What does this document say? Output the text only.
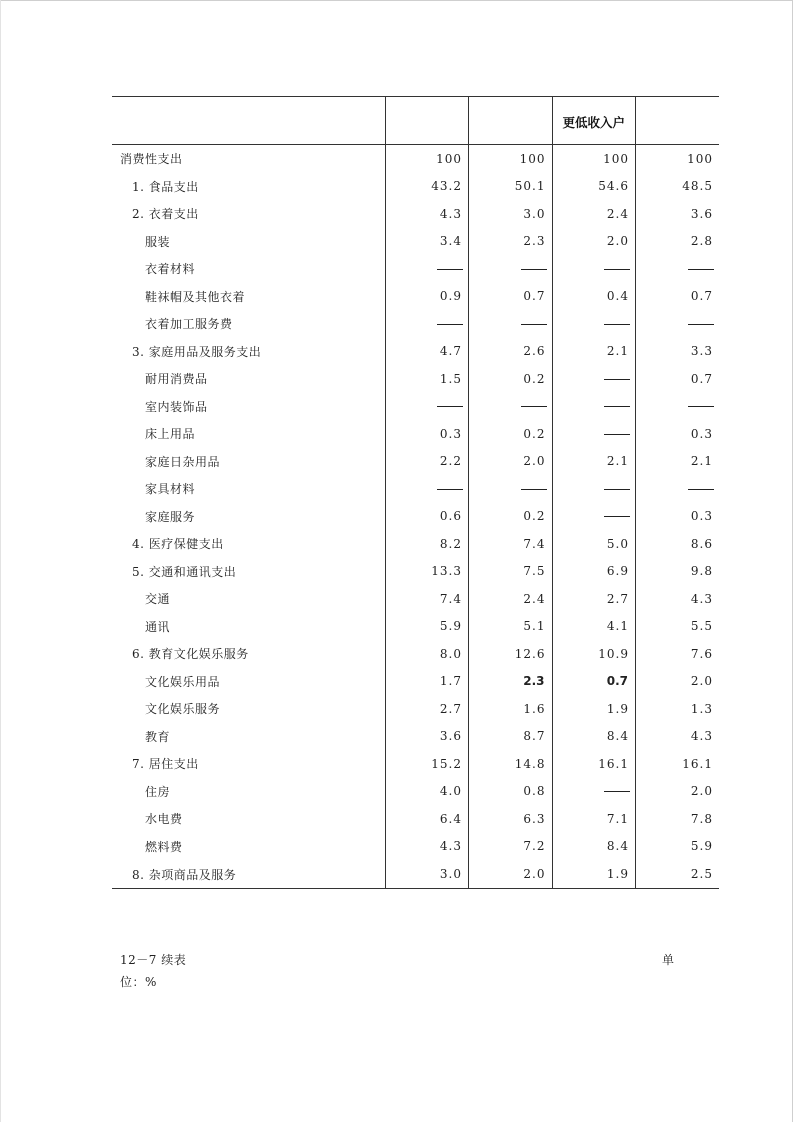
			更低收入户	
消费性支出	100	100	100	100
1. 食品支出	43.2	50.1	54.6	48.5
2. 衣着支出	4.3	3.0	2.4	3.6
服装	3.4	2.3	2.0	2.8
衣着材料				
鞋袜帽及其他衣着	0.9	0.7	0.4	0.7
衣着加工服务费				
3. 家庭用品及服务支出	4.7	2.6	2.1	3.3
耐用消费品	1.5	0.2		0.7
室内装饰品				
床上用品	0.3	0.2		0.3
家庭日杂用品	2.2	2.0	2.1	2.1
家具材料				
家庭服务	0.6	0.2		0.3
4. 医疗保健支出	8.2	7.4	5.0	8.6
5. 交通和通讯支出	13.3	7.5	6.9	9.8
交通	7.4	2.4	2.7	4.3
通讯	5.9	5.1	4.1	5.5
6. 教育文化娱乐服务	8.0	12.6	10.9	7.6
文化娱乐用品	1.7	2.3	0.7	2.0
文化娱乐服务	2.7	1.6	1.9	1.3
教育	3.6	8.7	8.4	4.3
7. 居住支出	15.2	14.8	16.1	16.1
住房	4.0	0.8		2.0
水电费	6.4	6.3	7.1	7.8
燃料费	4.3	7.2	8.4	5.9
8. 杂项商品及服务	3.0	2.0	1.9	2.5
12－7 续表	单
位：%
